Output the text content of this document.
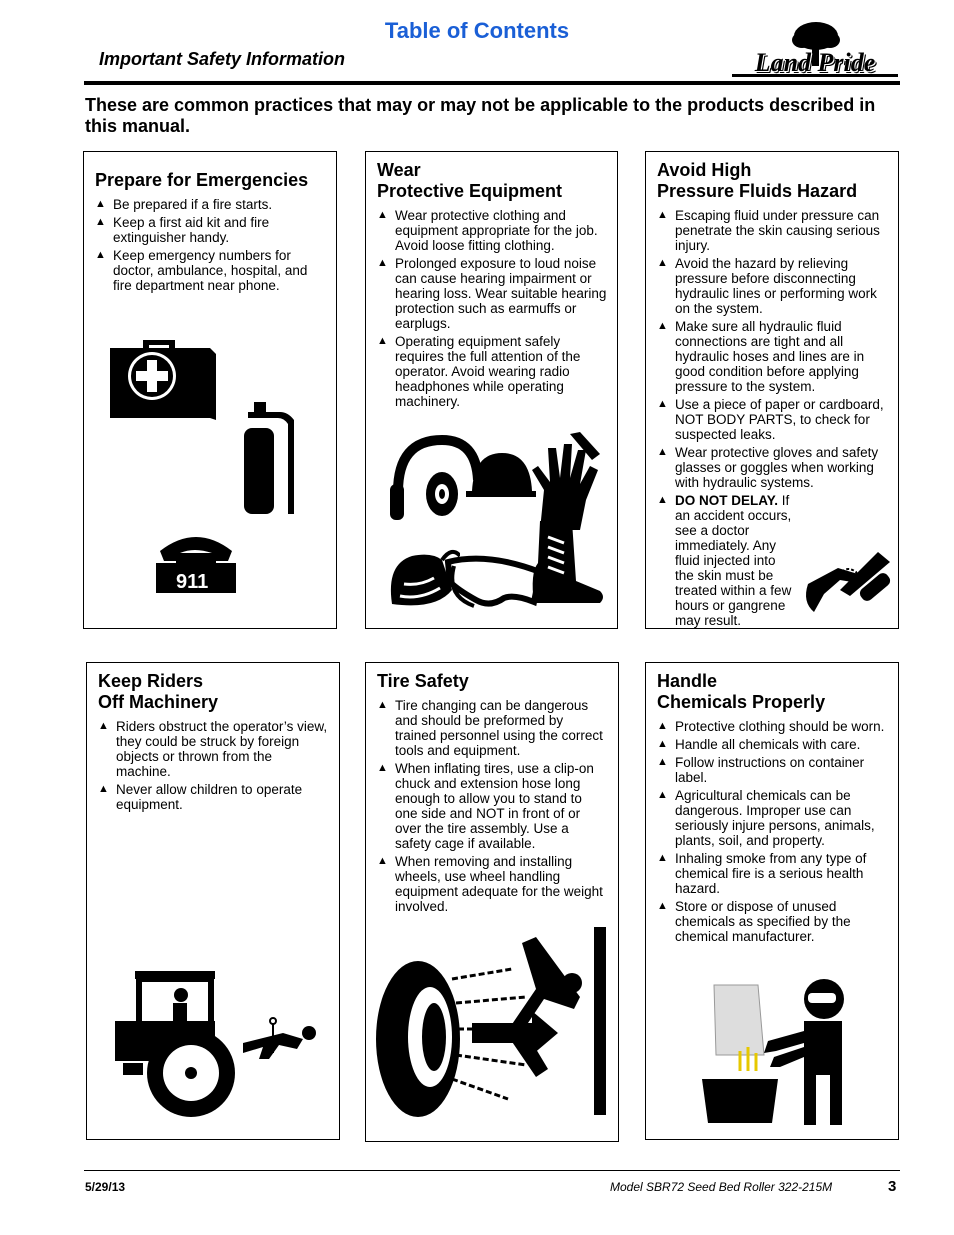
Table of Contents
Important Safety Information	Land Pride
These are common practices that may or may not be applicable to the products described in this manual.
Prepare for Emergencies
▲ Be prepared if a fire starts.
▲ Keep a first aid kit and fire extinguisher handy.
▲ Keep emergency numbers for doctor, ambulance, hospital, and fire department near phone.
911
Wear
Protective Equipment
▲ Wear protective clothing and equipment appropriate for the job. Avoid loose fitting clothing.
▲ Prolonged exposure to loud noise can cause hearing impairment or hearing loss. Wear suitable hearing protection such as earmuffs or earplugs.
▲ Operating equipment safely requires the full attention of the operator. Avoid wearing radio headphones while operating machinery.
Avoid High
Pressure Fluids Hazard
▲ Escaping fluid under pressure can penetrate the skin causing serious injury.
▲ Avoid the hazard by relieving pressure before disconnecting hydraulic lines or performing work on the system.
▲ Make sure all hydraulic fluid connections are tight and all hydraulic hoses and lines are in good condition before applying pressure to the system.
▲ Use a piece of paper or cardboard, NOT BODY PARTS, to check for suspected leaks.
▲ Wear protective gloves and safety glasses or goggles when working with hydraulic systems.
▲ DO NOT DELAY. If an accident occurs, see a doctor immediately. Any fluid injected into the skin must be treated within a few hours or gangrene may result.
Keep Riders
Off Machinery
▲ Riders obstruct the operator’s view, they could be struck by foreign objects or thrown from the machine.
▲ Never allow children to operate equipment.
Tire Safety
▲ Tire changing can be dangerous and should be preformed by trained personnel using the correct tools and equipment.
▲ When inflating tires, use a clip-on chuck and extension hose long enough to allow you to stand to one side and NOT in front of or over the tire assembly. Use a safety cage if available.
▲ When removing and installing wheels, use wheel handling equipment adequate for the weight involved.
Handle
Chemicals Properly
▲ Protective clothing should be worn.
▲ Handle all chemicals with care.
▲ Follow instructions on container label.
▲ Agricultural chemicals can be dangerous. Improper use can seriously injure persons, animals, plants, soil, and property.
▲ Inhaling smoke from any type of chemical fire is a serious health hazard.
▲ Store or dispose of unused chemicals as specified by the chemical manufacturer.
5/29/13	Model SBR72 Seed Bed Roller 322-215M	3
